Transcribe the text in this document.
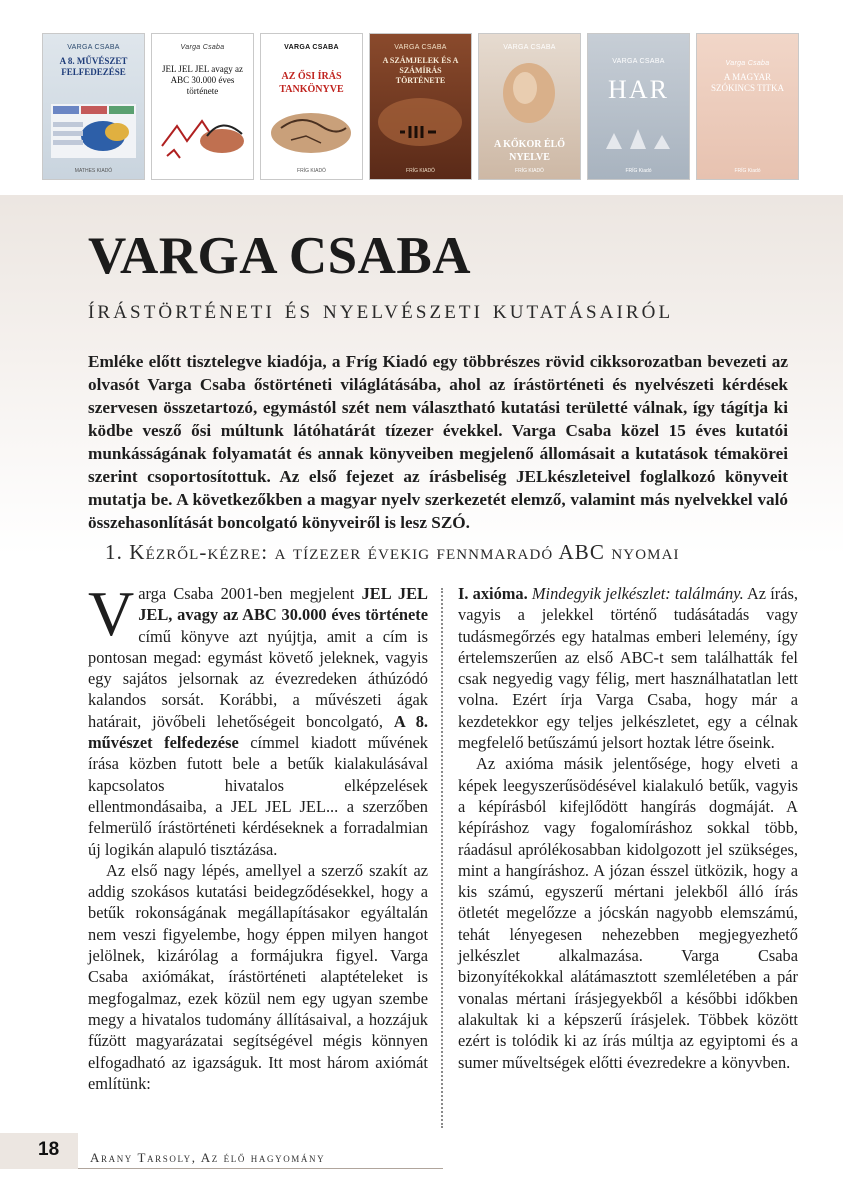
VARGA CSABA
A 8. MŰVÉSZET FELFEDEZÉSE
MATHES KIADÓ
Varga Csaba
JEL JEL JEL avagy az ABC 30.000 éves története
VARGA CSABA
AZ ŐSI ÍRÁS TANKÖNYVE
FRÍG KIADÓ
VARGA CSABA
A SZÁMJELEK ÉS A SZÁMÍRÁS TÖRTÉNETE
FRÍG KIADÓ
VARGA CSABA
A KŐKOR ÉLŐ NYELVE
FRÍG KIADÓ
VARGA CSABA
HAR
FRÍG Kiadó
Varga Csaba
A MAGYAR SZÓKINCS TITKA
FRÍG Kiadó
VARGA CSABA
írástörténeti és nyelvészeti kutatásairól

Emléke előtt tisztelegve kiadója, a Fríg Kiadó egy többrészes rövid cikksorozatban bevezeti az olvasót Varga Csaba őstörténeti világlátásába, ahol az írástörténeti és nyelvészeti kérdések szervesen összetartozó, egymástól szét nem választható kutatási területté válnak, így tágítja ki ködbe vesző ősi múltunk látóhatárát tízezer évekkel. Varga Csaba közel 15 éves kutatói munkásságának folyamatát és annak könyveiben megjelenő állomásait a kutatások témakörei szerint csoportosítottuk. Az első fejezet az írásbeliség JELkészleteivel foglalkozó könyveit mutatja be. A következőkben a magyar nyelv szerkezetét elemző, valamint más nyelvekkel való összehasonlítását boncolgató könyveiről is lesz SZÓ.

1. Kézről-kézre: a tízezer évekig fennmaradó ABC nyomai

Varga Csaba 2001-ben megjelent JEL JEL JEL, avagy az ABC 30.000 éves története című könyve azt nyújtja, amit a cím is pontosan megad: egymást követő jeleknek, vagyis egy sajátos jelsornak az évezredeken áthúzódó kalandos sorsát. Korábbi, a művészeti ágak határait, jövőbeli lehetőségeit boncolgató, A 8. művészet felfedezése címmel kiadott művének írása közben futott bele a betűk kialakulásával kapcsolatos hivatalos elképzelések ellentmondásaiba, a JEL JEL JEL... a szerzőben felmerülő írástörténeti kérdéseknek a forradalmian új logikán alapuló tisztázása.

Az első nagy lépés, amellyel a szerző szakít az addig szokásos kutatási beidegződésekkel, hogy a betűk rokonságának megállapításakor egyáltalán nem veszi figyelembe, hogy éppen milyen hangot jelölnek, kizárólag a formájukra figyel. Varga Csaba axiómákat, írástörténeti alaptételeket is megfogalmaz, ezek közül nem egy ugyan szembe megy a hivatalos tudomány állításaival, a hozzájuk fűzött magyarázatai segítségével mégis könnyen elfogadható az igazságuk. Itt most három axiómát említünk:

I. axióma. Mindegyik jelkészlet: találmány. Az írás, vagyis a jelekkel történő tudásátadás vagy tudásmegőrzés egy hatalmas emberi lelemény, így értelemszerűen az első ABC-t sem találhatták fel csak negyedig vagy félig, mert használhatatlan lett volna. Ezért írja Varga Csaba, hogy már a kezdetekkor egy teljes jelkészletet, egy a célnak megfelelő betűszámú jelsort hoztak létre őseink.

Az axióma másik jelentősége, hogy elveti a képek leegyszerűsödésével kialakuló betűk, vagyis a képírásból kifejlődött hangírás dogmáját. A képíráshoz vagy fogalomíráshoz sokkal több, ráadásul aprólékosabban kidolgozott jel szükséges, mint a hangíráshoz. A józan ésszel ütközik, hogy a kis számú, egyszerű mértani jelekből álló írás ötletét megelőzze a jócskán nagyobb elemszámú, tehát lényegesen nehezebben megjegyezhető jelkészlet alkalmazása. Varga Csaba bizonyítékokkal alátámasztott szemléletében a pár vonalas mértani írásjegyekből a későbbi időkben alakultak ki a képszerű írásjelek. Többek között ezért is tolódik ki az írás múltja az egyiptomi és a sumer műveltségek előtti évezredekre a könyvben.

18 Arany Tarsoly, Az élő hagyomány
